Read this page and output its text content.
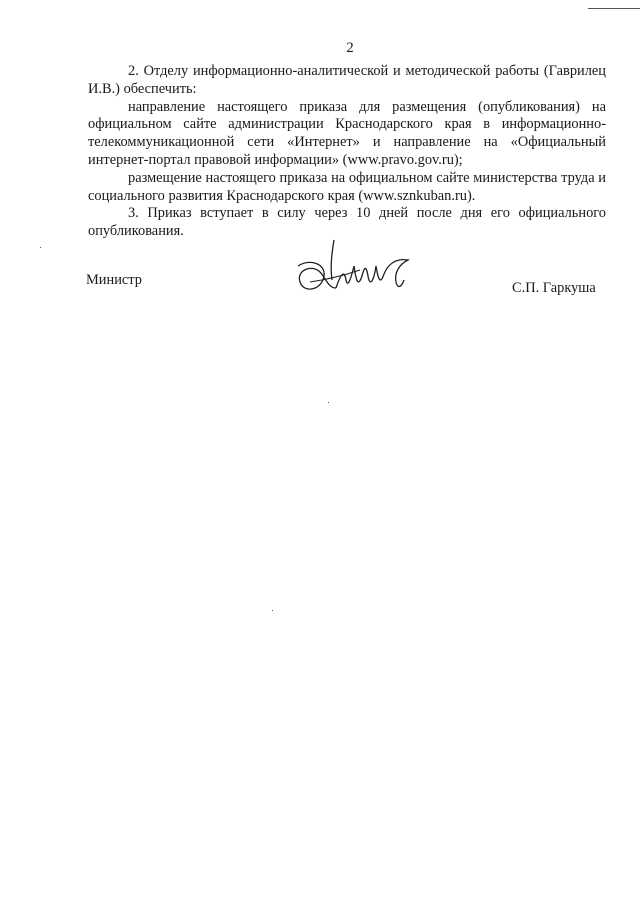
2

2. Отделу информационно-аналитической и методической работы (Гаврилец И.В.) обеспечить:

направление настоящего приказа для размещения (опубликования) на официальном сайте администрации Краснодарского края в информационно-телекоммуникационной сети «Интернет» и направление на «Официальный интернет-портал правовой информации» (www.pravo.gov.ru);

размещение настоящего приказа на официальном сайте министерства труда и социального развития Краснодарского края (www.sznkuban.ru).

3. Приказ вступает в силу через 10 дней после дня его официального опубликования.

Министр	С.П. Гаркуша
